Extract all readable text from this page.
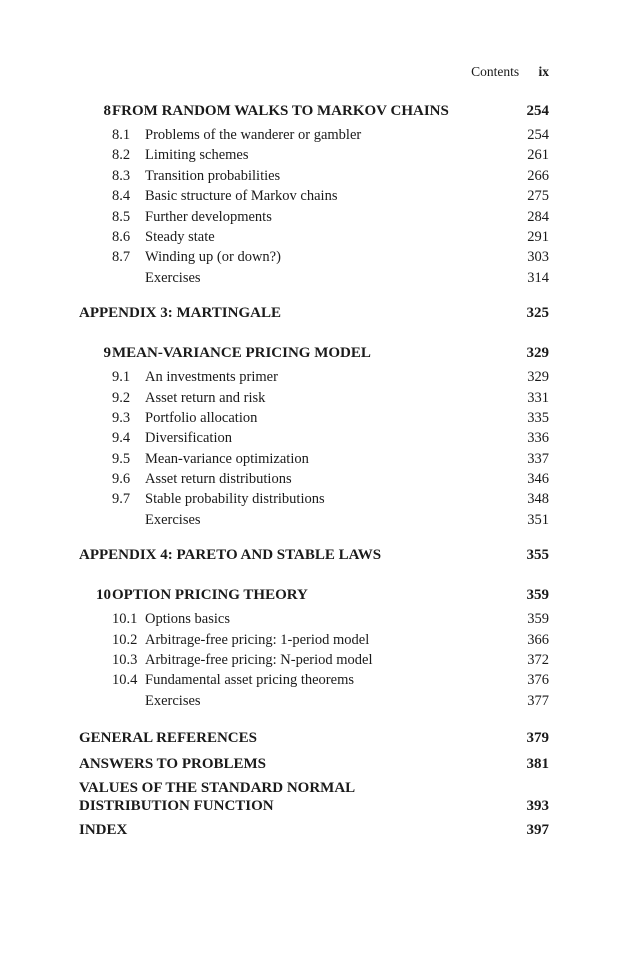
Contents ix
8 FROM RANDOM WALKS TO MARKOV CHAINS	254
8.1 Problems of the wanderer or gambler	254
8.2 Limiting schemes	261
8.3 Transition probabilities	266
8.4 Basic structure of Markov chains	275
8.5 Further developments	284
8.6 Steady state	291
8.7 Winding up (or down?)	303
Exercises	314
APPENDIX 3: MARTINGALE	325
9 MEAN-VARIANCE PRICING MODEL	329
9.1 An investments primer	329
9.2 Asset return and risk	331
9.3 Portfolio allocation	335
9.4 Diversification	336
9.5 Mean-variance optimization	337
9.6 Asset return distributions	346
9.7 Stable probability distributions	348
Exercises	351
APPENDIX 4: PARETO AND STABLE LAWS	355
10 OPTION PRICING THEORY	359
10.1 Options basics	359
10.2 Arbitrage-free pricing: 1-period model	366
10.3 Arbitrage-free pricing: N-period model	372
10.4 Fundamental asset pricing theorems	376
Exercises	377
GENERAL REFERENCES	379
ANSWERS TO PROBLEMS	381
VALUES OF THE STANDARD NORMAL
DISTRIBUTION FUNCTION	393
INDEX	397
